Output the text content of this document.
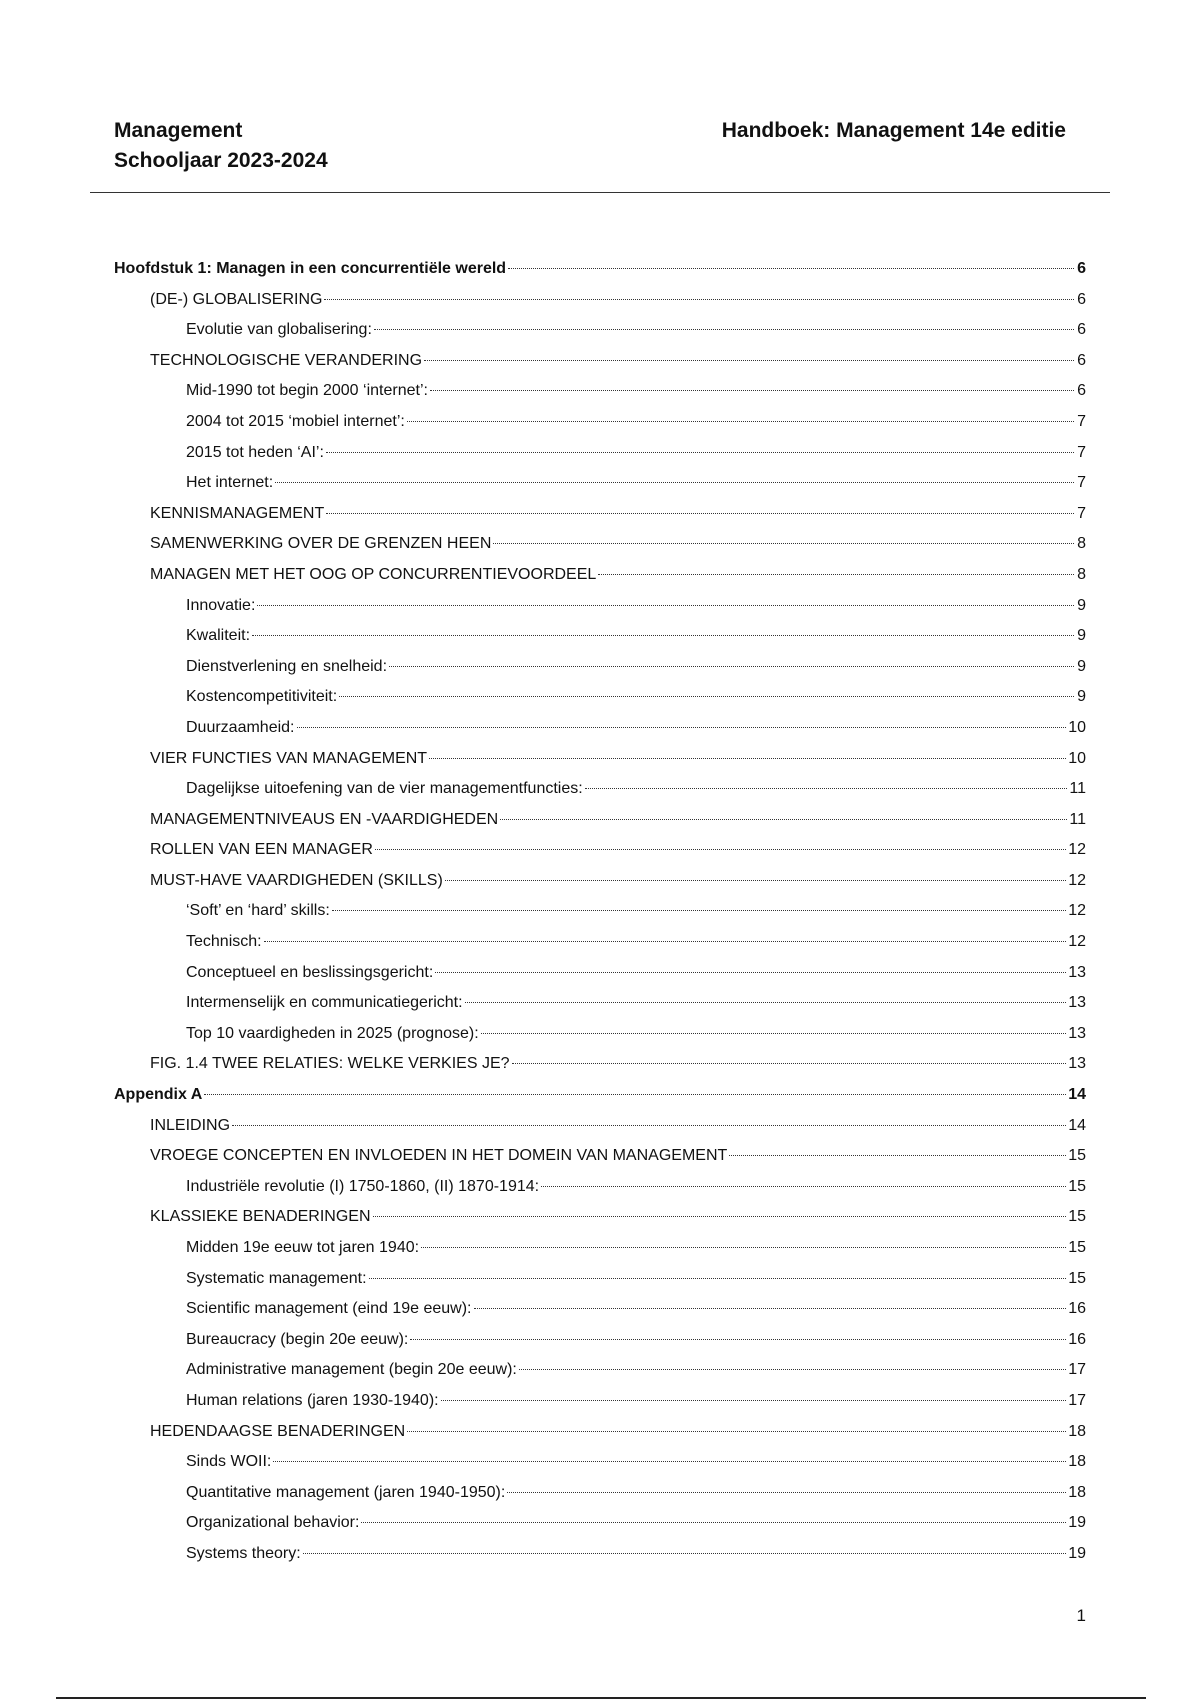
Management
Schooljaar 2023-2024
Handboek: Management 14e editie
Hoofdstuk 1: Managen in een concurrentiële wereld	6
(DE-) GLOBALISERING	6
Evolutie van globalisering:	6
TECHNOLOGISCHE VERANDERING	6
Mid-1990 tot begin 2000 ‘internet’:	6
2004 tot 2015 ‘mobiel internet’:	7
2015 tot heden ‘AI’:	7
Het internet:	7
KENNISMANAGEMENT	7
SAMENWERKING OVER DE GRENZEN HEEN	8
MANAGEN MET HET OOG OP CONCURRENTIEVOORDEEL	8
Innovatie:	9
Kwaliteit:	9
Dienstverlening en snelheid:	9
Kostencompetitiviteit:	9
Duurzaamheid:	10
VIER FUNCTIES VAN MANAGEMENT	10
Dagelijkse uitoefening van de vier managementfuncties:	11
MANAGEMENTNIVEAUS EN -VAARDIGHEDEN	11
ROLLEN VAN EEN MANAGER	12
MUST-HAVE VAARDIGHEDEN (SKILLS)	12
‘Soft’ en ‘hard’ skills:	12
Technisch:	12
Conceptueel en beslissingsgericht:	13
Intermenselijk en communicatiegericht:	13
Top 10 vaardigheden in 2025 (prognose):	13
FIG. 1.4 TWEE RELATIES: WELKE VERKIES JE?	13
Appendix A	14
INLEIDING	14
VROEGE CONCEPTEN EN INVLOEDEN IN HET DOMEIN VAN MANAGEMENT	15
Industriële revolutie (I) 1750-1860, (II) 1870-1914:	15
KLASSIEKE BENADERINGEN	15
Midden 19e eeuw tot jaren 1940:	15
Systematic management:	15
Scientific management (eind 19e eeuw):	16
Bureaucracy (begin 20e eeuw):	16
Administrative management (begin 20e eeuw):	17
Human relations (jaren 1930-1940):	17
HEDENDAAGSE BENADERINGEN	18
Sinds WOII:	18
Quantitative management (jaren 1940-1950):	18
Organizational behavior:	19
Systems theory:	19
1
